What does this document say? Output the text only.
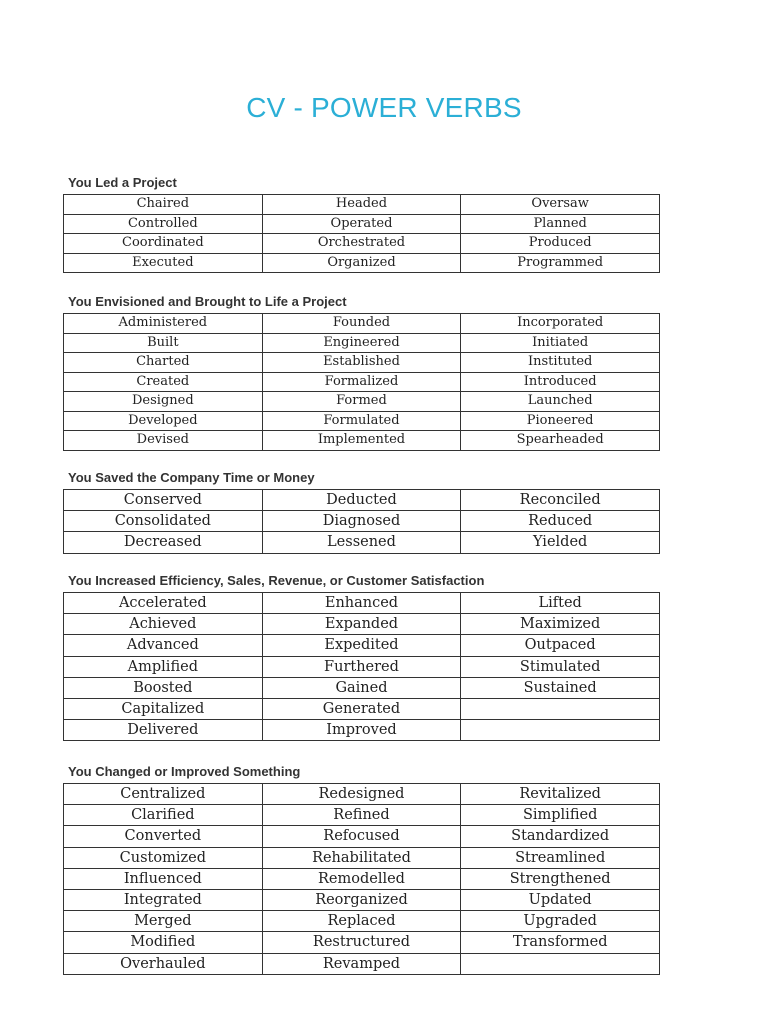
CV - POWER VERBS
You Led a Project
Chaired	Headed	Oversaw
Controlled	Operated	Planned
Coordinated	Orchestrated	Produced
Executed	Organized	Programmed
You Envisioned and Brought to Life a Project
Administered	Founded	Incorporated
Built	Engineered	Initiated
Charted	Established	Instituted
Created	Formalized	Introduced
Designed	Formed	Launched
Developed	Formulated	Pioneered
Devised	Implemented	Spearheaded
You Saved the Company Time or Money
Conserved	Deducted	Reconciled
Consolidated	Diagnosed	Reduced
Decreased	Lessened	Yielded
You Increased Efficiency, Sales, Revenue, or Customer Satisfaction
Accelerated	Enhanced	Lifted
Achieved	Expanded	Maximized
Advanced	Expedited	Outpaced
Amplified	Furthered	Stimulated
Boosted	Gained	Sustained
Capitalized	Generated	
Delivered	Improved	
You Changed or Improved Something
Centralized	Redesigned	Revitalized
Clarified	Refined	Simplified
Converted	Refocused	Standardized
Customized	Rehabilitated	Streamlined
Influenced	Remodelled	Strengthened
Integrated	Reorganized	Updated
Merged	Replaced	Upgraded
Modified	Restructured	Transformed
Overhauled	Revamped	
